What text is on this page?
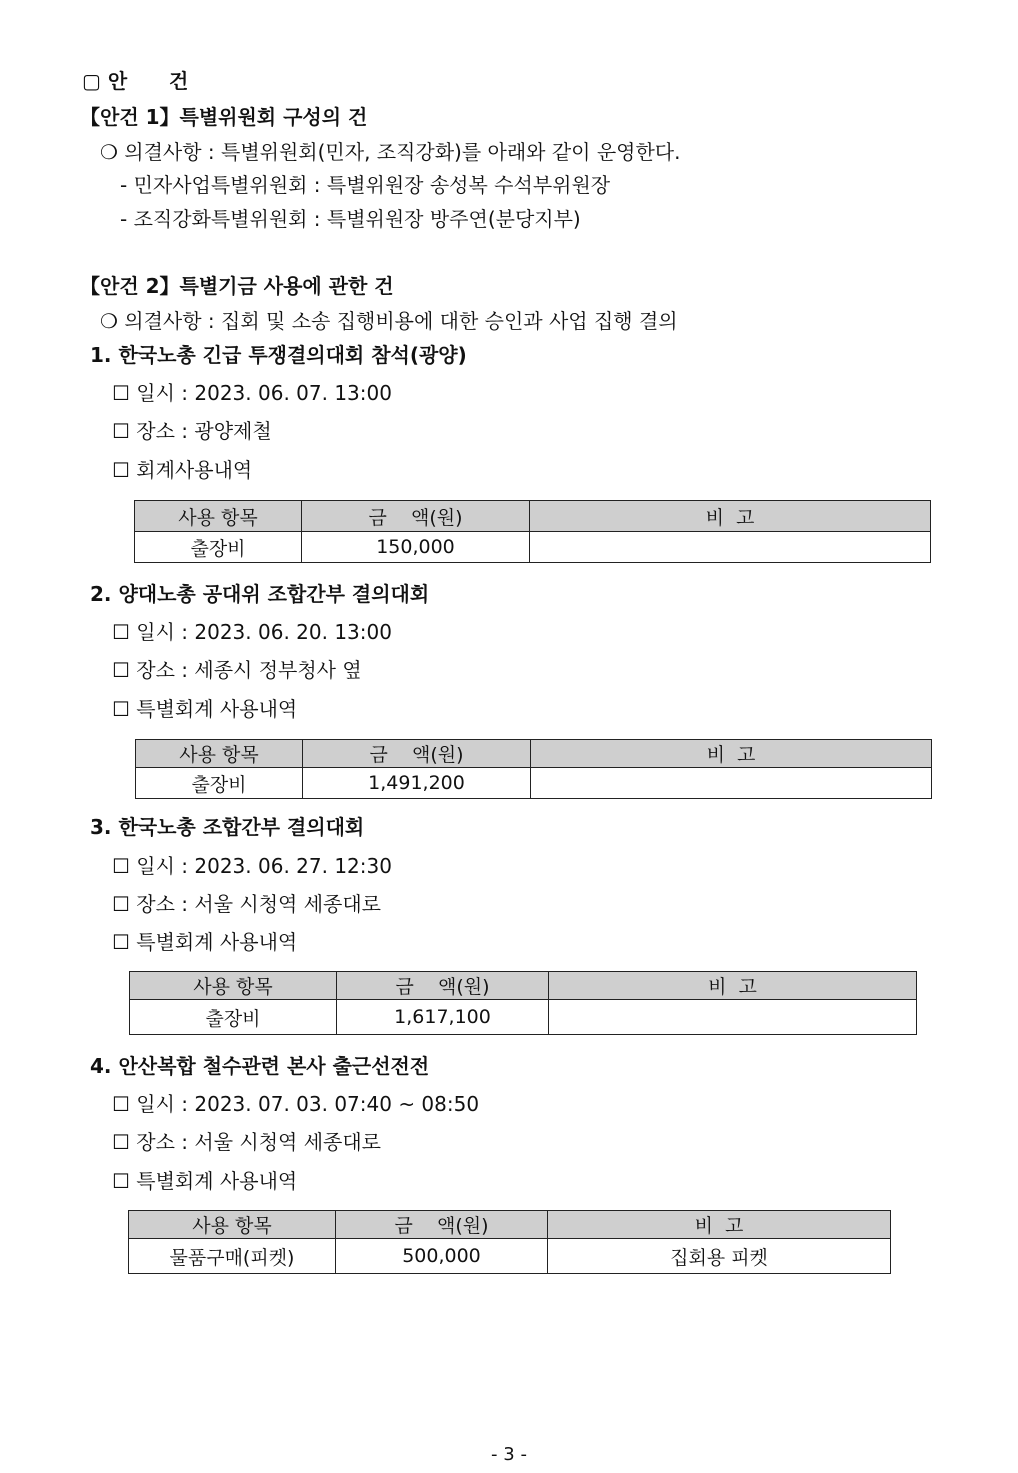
▢ 안      건
【안건 1】특별위원회 구성의 건
❍ 의결사항 : 특별위원회(민자, 조직강화)를 아래와 같이 운영한다.
- 민자사업특별위원회 : 특별위원장 송성복 수석부위원장
- 조직강화특별위원회 : 특별위원장 방주연(분당지부)
【안건 2】특별기금 사용에 관한 건
❍ 의결사항 : 집회 및 소송 집행비용에 대한 승인과 사업 집행 결의
1. 한국노총 긴급 투쟁결의대회 참석(광양)
☐ 일시 : 2023. 06. 07. 13:00
☐ 장소 : 광양제철
☐ 회계사용내역
사용 항목	금    액(원)	비  고
출장비	150,000	
2. 양대노총 공대위 조합간부 결의대회
☐ 일시 : 2023. 06. 20. 13:00
☐ 장소 : 세종시 정부청사 옆
☐ 특별회계 사용내역
사용 항목	금    액(원)	비  고
출장비	1,491,200	
3. 한국노총 조합간부 결의대회
☐ 일시 : 2023. 06. 27. 12:30
☐ 장소 : 서울 시청역 세종대로
☐ 특별회계 사용내역
사용 항목	금    액(원)	비  고
출장비	1,617,100	
4. 안산복합 철수관련 본사 출근선전전
☐ 일시 : 2023. 07. 03. 07:40 ~ 08:50
☐ 장소 : 서울 시청역 세종대로
☐ 특별회계 사용내역
사용 항목	금    액(원)	비  고
물품구매(피켓)	500,000	집회용 피켓
- 3 -
